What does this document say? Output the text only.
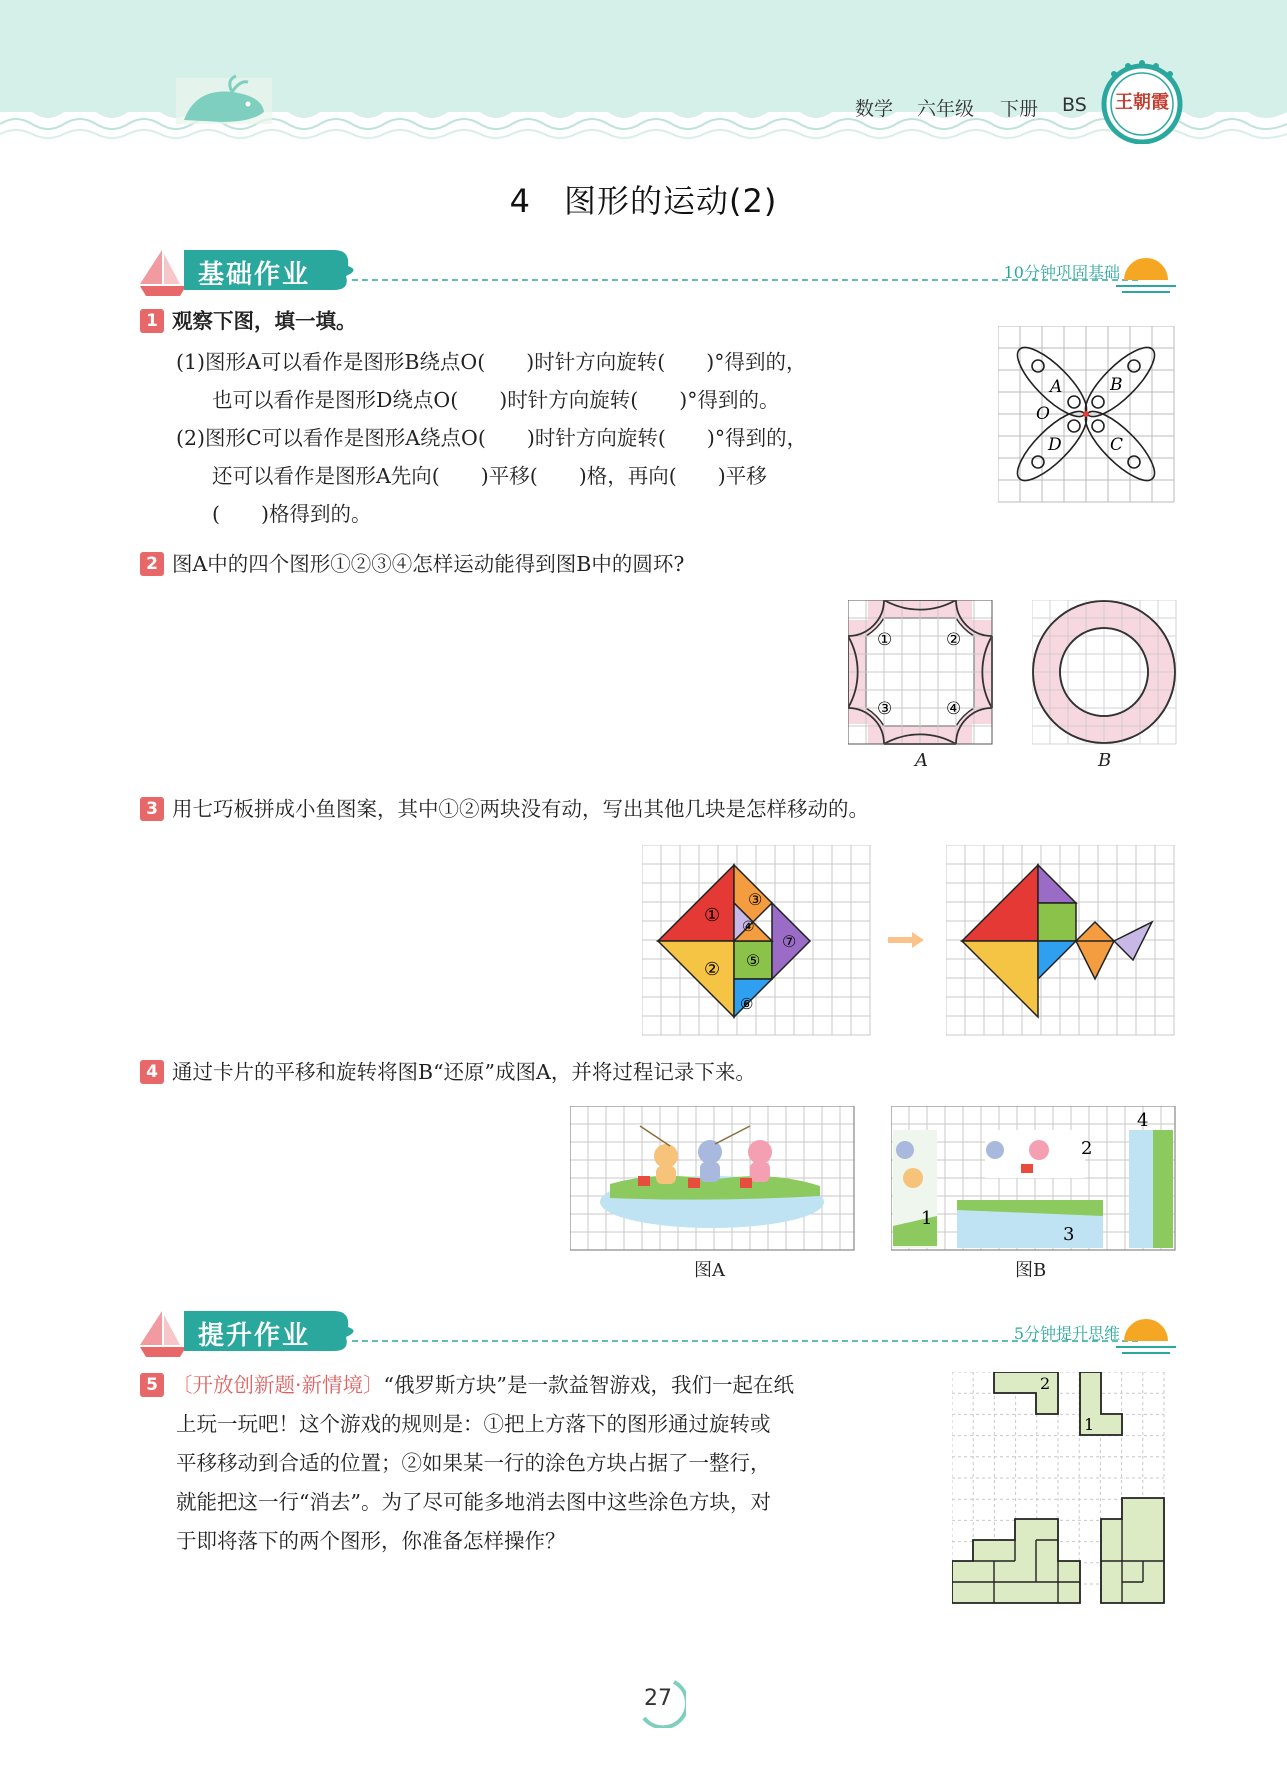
数学 六年级 下册 BS 王朝霞
4　图形的运动(2)
基础作业	10分钟巩固基础
1 观察下图，填一填。
(1)图形A可以看作是图形B绕点O(　　)时针方向旋转(　　)°得到的，
也可以看作是图形D绕点O(　　)时针方向旋转(　　)°得到的。
(2)图形C可以看作是图形A绕点O(　　)时针方向旋转(　　)°得到的，
还可以看作是图形A先向(　　)平移(　　)格，再向(　　)平移
(　　)格得到的。
A	B
O
D	C
2 图A中的四个图形①②③④怎样运动能得到图B中的圆环?
①	②
③	④
A	B
3 用七巧板拼成小鱼图案，其中①②两块没有动，写出其他几块是怎样移动的。
①
②
③
④
⑤
⑥
⑦
4 通过卡片的平移和旋转将图B“还原”成图A，并将过程记录下来。
图A
1
2
3
4
图B
提升作业	5分钟提升思维
5 〔开放创新题·新情境〕“俄罗斯方块”是一款益智游戏，我们一起在纸
上玩一玩吧！这个游戏的规则是：①把上方落下的图形通过旋转或
平移移动到合适的位置；②如果某一行的涂色方块占据了一整行，
就能把这一行“消去”。为了尽可能多地消去图中这些涂色方块，对
于即将落下的两个图形，你准备怎样操作？
2
1
27
